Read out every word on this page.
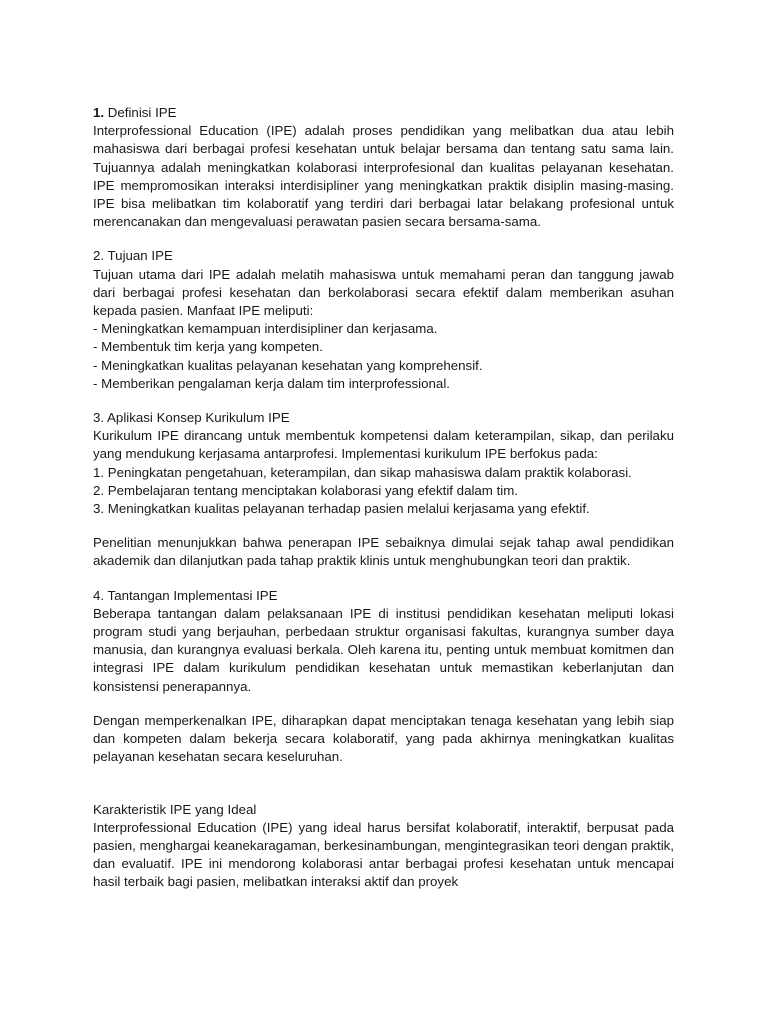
1. Definisi IPE
Interprofessional Education (IPE) adalah proses pendidikan yang melibatkan dua atau lebih mahasiswa dari berbagai profesi kesehatan untuk belajar bersama dan tentang satu sama lain. Tujuannya adalah meningkatkan kolaborasi interprofesional dan kualitas pelayanan kesehatan. IPE mempromosikan interaksi interdisipliner yang meningkatkan praktik disiplin masing-masing. IPE bisa melibatkan tim kolaboratif yang terdiri dari berbagai latar belakang profesional untuk merencanakan dan mengevaluasi perawatan pasien secara bersama-sama.
2. Tujuan IPE
Tujuan utama dari IPE adalah melatih mahasiswa untuk memahami peran dan tanggung jawab dari berbagai profesi kesehatan dan berkolaborasi secara efektif dalam memberikan asuhan kepada pasien. Manfaat IPE meliputi:
- Meningkatkan kemampuan interdisipliner dan kerjasama.
- Membentuk tim kerja yang kompeten.
- Meningkatkan kualitas pelayanan kesehatan yang komprehensif.
- Memberikan pengalaman kerja dalam tim interprofessional.
3. Aplikasi Konsep Kurikulum IPE
Kurikulum IPE dirancang untuk membentuk kompetensi dalam keterampilan, sikap, dan perilaku yang mendukung kerjasama antarprofesi. Implementasi kurikulum IPE berfokus pada:
1. Peningkatan pengetahuan, keterampilan, dan sikap mahasiswa dalam praktik kolaborasi.
2. Pembelajaran tentang menciptakan kolaborasi yang efektif dalam tim.
3. Meningkatkan kualitas pelayanan terhadap pasien melalui kerjasama yang efektif.
Penelitian menunjukkan bahwa penerapan IPE sebaiknya dimulai sejak tahap awal pendidikan akademik dan dilanjutkan pada tahap praktik klinis untuk menghubungkan teori dan praktik.
4. Tantangan Implementasi IPE
Beberapa tantangan dalam pelaksanaan IPE di institusi pendidikan kesehatan meliputi lokasi program studi yang berjauhan, perbedaan struktur organisasi fakultas, kurangnya sumber daya manusia, dan kurangnya evaluasi berkala. Oleh karena itu, penting untuk membuat komitmen dan integrasi IPE dalam kurikulum pendidikan kesehatan untuk memastikan keberlanjutan dan konsistensi penerapannya.
Dengan memperkenalkan IPE, diharapkan dapat menciptakan tenaga kesehatan yang lebih siap dan kompeten dalam bekerja secara kolaboratif, yang pada akhirnya meningkatkan kualitas pelayanan kesehatan secara keseluruhan.
Karakteristik IPE yang Ideal
Interprofessional Education (IPE) yang ideal harus bersifat kolaboratif, interaktif, berpusat pada pasien, menghargai keanekaragaman, berkesinambungan, mengintegrasikan teori dengan praktik, dan evaluatif. IPE ini mendorong kolaborasi antar berbagai profesi kesehatan untuk mencapai hasil terbaik bagi pasien, melibatkan interaksi aktif dan proyek
